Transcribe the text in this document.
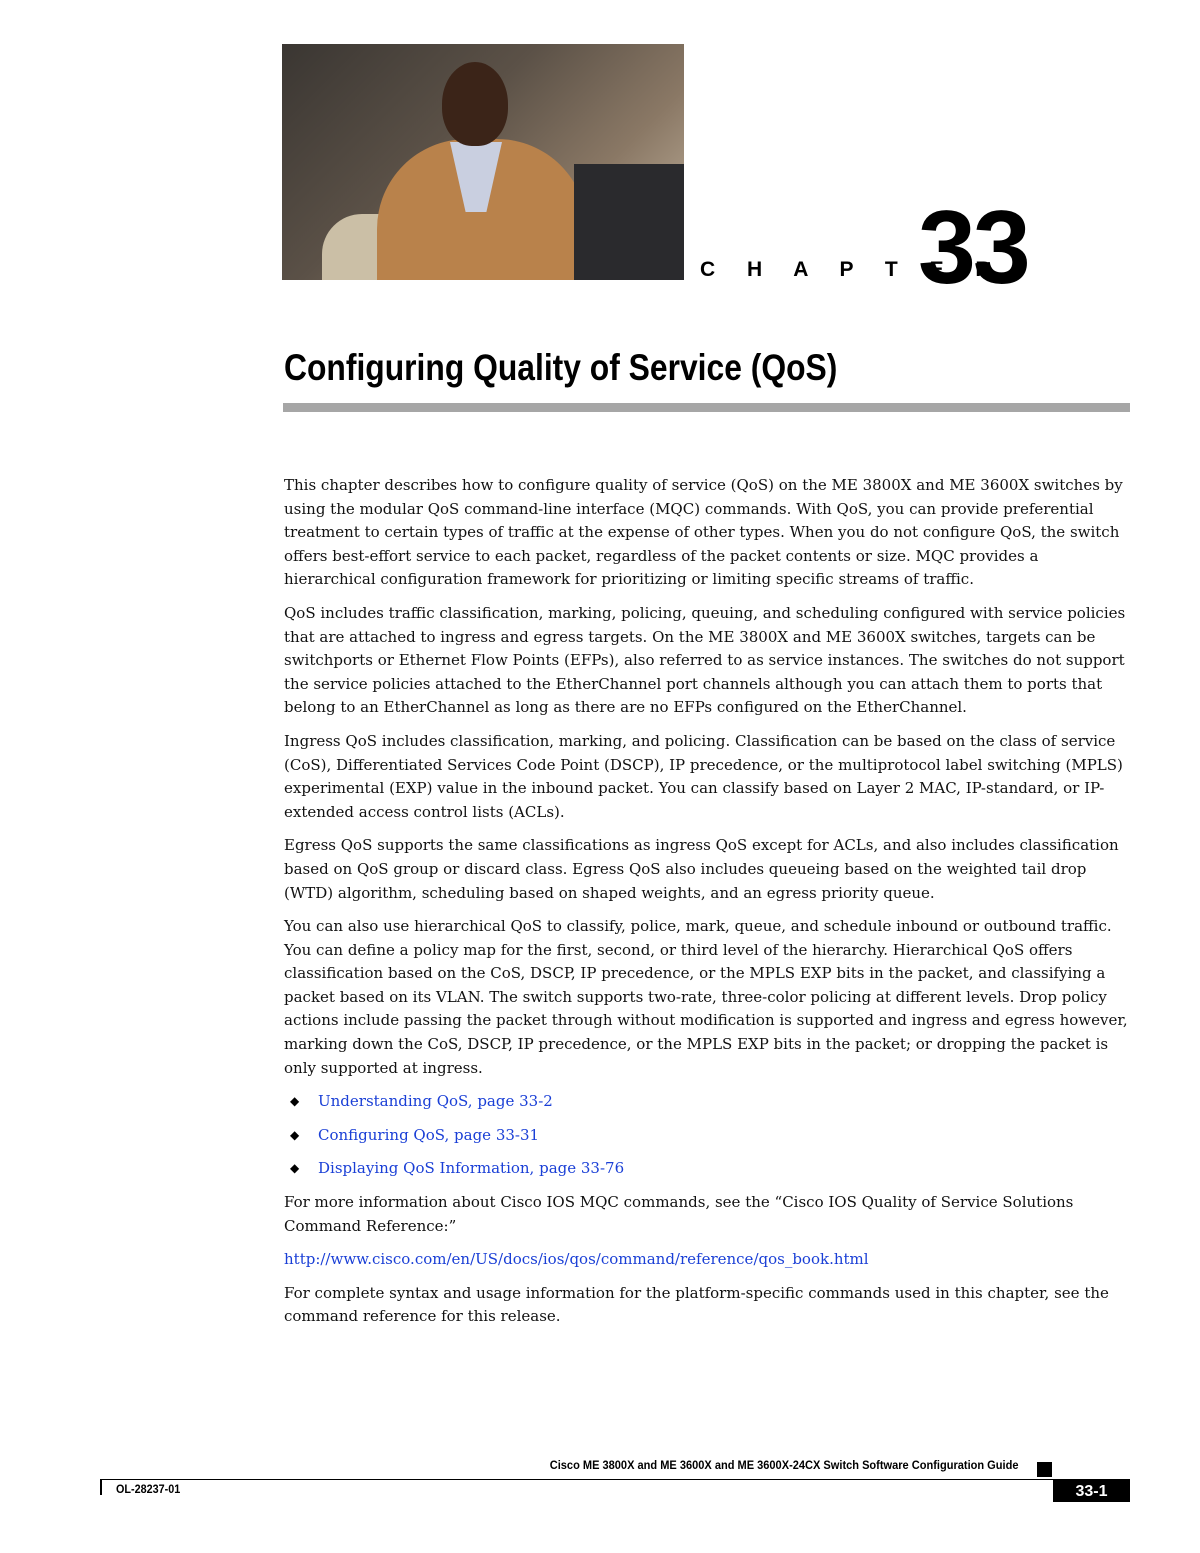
C H A P T E R
33
Configuring Quality of Service (QoS)

This chapter describes how to configure quality of service (QoS) on the ME 3800X and ME 3600X switches by using the modular QoS command-line interface (MQC) commands. With QoS, you can provide preferential treatment to certain types of traffic at the expense of other types. When you do not configure QoS, the switch offers best-effort service to each packet, regardless of the packet contents or size. MQC provides a hierarchical configuration framework for prioritizing or limiting specific streams of traffic.

QoS includes traffic classification, marking, policing, queuing, and scheduling configured with service policies that are attached to ingress and egress targets. On the ME 3800X and ME 3600X switches, targets can be switchports or Ethernet Flow Points (EFPs), also referred to as service instances. The switches do not support the service policies attached to the EtherChannel port channels although you can attach them to ports that belong to an EtherChannel as long as there are no EFPs configured on the EtherChannel.

Ingress QoS includes classification, marking, and policing. Classification can be based on the class of service (CoS), Differentiated Services Code Point (DSCP), IP precedence, or the multiprotocol label switching (MPLS) experimental (EXP) value in the inbound packet. You can classify based on Layer 2 MAC, IP-standard, or IP-extended access control lists (ACLs).

Egress QoS supports the same classifications as ingress QoS except for ACLs, and also includes classification based on QoS group or discard class. Egress QoS also includes queueing based on the weighted tail drop (WTD) algorithm, scheduling based on shaped weights, and an egress priority queue.

You can also use hierarchical QoS to classify, police, mark, queue, and schedule inbound or outbound traffic. You can define a policy map for the first, second, or third level of the hierarchy. Hierarchical QoS offers classification based on the CoS, DSCP, IP precedence, or the MPLS EXP bits in the packet, and classifying a packet based on its VLAN. The switch supports two-rate, three-color policing at different levels. Drop policy actions include passing the packet through without modification is supported and ingress and egress however, marking down the CoS, DSCP, IP precedence, or the MPLS EXP bits in the packet; or dropping the packet is only supported at ingress.

◆ Understanding QoS, page 33-2
◆ Configuring QoS, page 33-31
◆ Displaying QoS Information, page 33-76

For more information about Cisco IOS MQC commands, see the “Cisco IOS Quality of Service Solutions Command Reference:”

http://www.cisco.com/en/US/docs/ios/qos/command/reference/qos_book.html

For complete syntax and usage information for the platform-specific commands used in this chapter, see the command reference for this release.

Cisco ME 3800X and ME 3600X and ME 3600X-24CX Switch Software Configuration Guide
OL-28237-01	33-1
